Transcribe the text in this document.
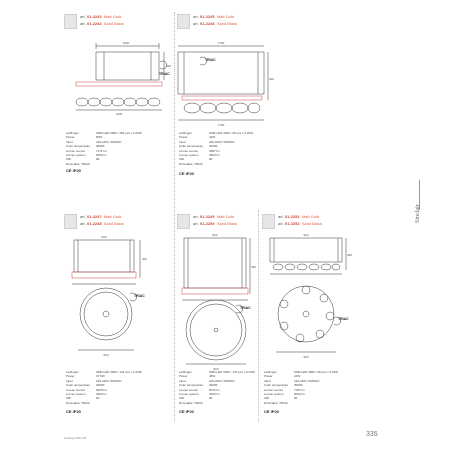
art. 01-2243 Matt Gold
art. 01-2244 Sand Black
1000
250
1000
TRIAC
Leilfingen	SMD LED 3000 / 256 pcs x 0.24W
Power	60W
Input	220-240V, 50/60Hz
Color temperature 3000K
Lumen source	7171 lm
Lumen system	5000 lm
CRI	90
Dimmable: TRIAC
CE IP20
art. 01-2245 Matt Gold
art. 01-2246 Sand Black
1700
400
1700
TRIAC
Leilfingen	SMD LED 3000 / 96 pcs x 0.24W
Power	42W
Input	220-240V, 50/60Hz
Color temperature 3000K
Lumen source	4687 lm
Lumen system	3563 lm
CRI	90
Dimmable: TRIAC
CE IP20
art. 01-2247 Matt Gold
art. 01-2248 Sand Black
600
400
600
TRIAC
Leilfingen	SMD LED 3000 / 144 pcs x 0.24W
Power	37.5W
Input	220-240V, 50/60Hz
Color temperature 3000K
Lumen source	5425 lm
Lumen system	3200 lm
CRI	90
Dimmable: TRIAC
CE IP20
art. 01-2249 Matt Gold
art. 01-2250 Sand Black
800
400
800
TRIAC
Leilfingen	SMD LED 3000 / 176 pcs x 0.24W
Power	48W
Input	220-240V, 50/60Hz
Color temperature 3000K
Lumen source	6072 lm
Lumen system	4000 lm
CRI	90
Dimmable: TRIAC
CE IP20
art. 01-2251 Matt Gold
art. 01-2252 Sand Black
900
400
900
TRIAC
Leilfingen	SMD LED 3000 / 96 pcs x 0.24W
Power	24W
Input	220-240V, 50/60Hz
Color temperature 3000K
Lumen source	7787 lm
Lumen system	5000 lm
CRI	90
Dimmable: TRIAC
CE IP20
Sinclair
Catalog 2024-25	335
